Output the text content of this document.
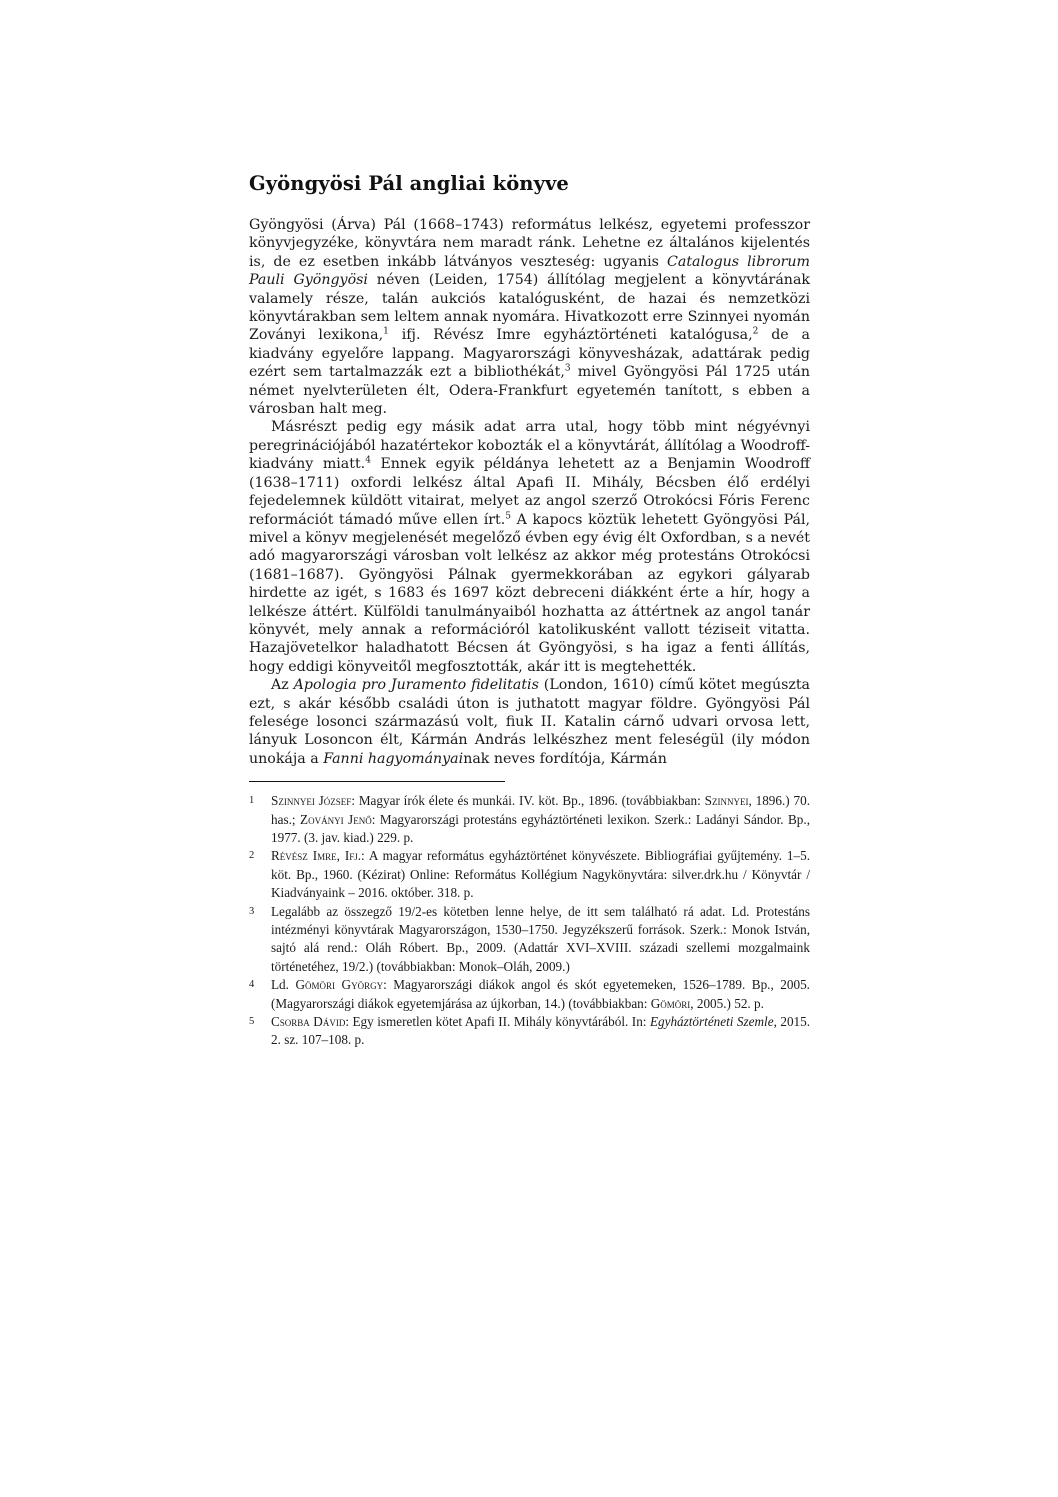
Gyöngyösi Pál angliai könyve

Gyöngyösi (Árva) Pál (1668–1743) református lelkész, egyetemi professzor könyvjegyzéke, könyvtára nem maradt ránk. Lehetne ez általános kijelentés is, de ez esetben inkább látványos veszteség: ugyanis Catalogus librorum Pauli Gyöngyösi néven (Leiden, 1754) állítólag megjelent a könyvtárának valamely része, talán aukciós katalógusként, de hazai és nemzetközi könyvtárakban sem leltem annak nyomára. Hivatkozott erre Szinnyei nyomán Zoványi lexikona,$^1$ ifj. Révész Imre egyháztörténeti katalógusa,$^2$ de a kiadvány egyelőre lappang. Magyarországi könyvesházak, adattárak pedig ezért sem tartalmazzák ezt a bibliothékát,$^3$ mivel Gyöngyösi Pál 1725 után német nyelvterületen élt, Odera-Frankfurt egyetemén tanított, s ebben a városban halt meg.

Másrészt pedig egy másik adat arra utal, hogy több mint négyévnyi peregrinációjából hazatértekor kobozták el a könyvtárát, állítólag a Woodroff-kiadvány miatt.$^4$ Ennek egyik példánya lehetett az a Benjamin Woodroff (1638–1711) oxfordi lelkész által Apafi II. Mihály, Bécsben élő erdélyi fejedelemnek küldött vitairat, melyet az angol szerző Otrokócsi Fóris Ferenc reformációt támadó műve ellen írt.$^5$ A kapocs köztük lehetett Gyöngyösi Pál, mivel a könyv megjelenését megelőző évben egy évig élt Oxfordban, s a nevét adó magyarországi városban volt lelkész az akkor még protestáns Otrokócsi (1681–1687). Gyöngyösi Pálnak gyermekkorában az egykori gályarab hirdette az igét, s 1683 és 1697 közt debreceni diákként érte a hír, hogy a lelkésze áttért. Külföldi tanulmányaiból hozhatta az áttértnek az angol tanár könyvét, mely annak a reformációról katolikusként vallott téziseit vitatta. Hazajövetelkor haladhatott Bécsen át Gyöngyösi, s ha igaz a fenti állítás, hogy eddigi könyveitől megfosztották, akár itt is megtehették.

Az Apologia pro Juramento fidelitatis (London, 1610) című kötet megúszta ezt, s akár később családi úton is juthatott magyar földre. Gyöngyösi Pál felesége losonci származású volt, fiuk II. Katalin cárnő udvari orvosa lett, lányuk Losoncon élt, Kármán András lelkészhez ment feleségül (ily módon unokája a Fanni hagyományainak neves fordítója, Kármán

1	Szinnyei József: Magyar írók élete és munkái. IV. köt. Bp., 1896. (továbbiakban: Szinnyei, 1896.) 70. has.; Zoványi Jenő: Magyarországi protestáns egyháztörténeti lexikon. Szerk.: Ladányi Sándor. Bp., 1977. (3. jav. kiad.) 229. p.
2	Révész Imre, Ifj.: A magyar református egyháztörténet könyvészete. Bibliográfiai gyűjtemény. 1–5. köt. Bp., 1960. (Kézirat) Online: Református Kollégium Nagykönyvtára: silver.drk.hu / Könyvtár / Kiadványaink – 2016. október. 318. p.
3	Legalább az összegző 19/2-es kötetben lenne helye, de itt sem található rá adat. Ld. Protestáns intézményi könyvtárak Magyarországon, 1530–1750. Jegyzékszerű források. Szerk.: Monok István, sajtó alá rend.: Oláh Róbert. Bp., 2009. (Adattár XVI–XVIII. századi szellemi mozgalmaink történetéhez, 19/2.) (továbbiakban: Monok–Oláh, 2009.)
4	Ld. Gömöri György: Magyarországi diákok angol és skót egyetemeken, 1526–1789. Bp., 2005. (Magyarországi diákok egyetemjárása az újkorban, 14.) (továbbiakban: Gömöri, 2005.) 52. p.
5	Csorba Dávid: Egy ismeretlen kötet Apafi II. Mihály könyvtárából. In: Egyháztörténeti Szemle, 2015. 2. sz. 107–108. p.
